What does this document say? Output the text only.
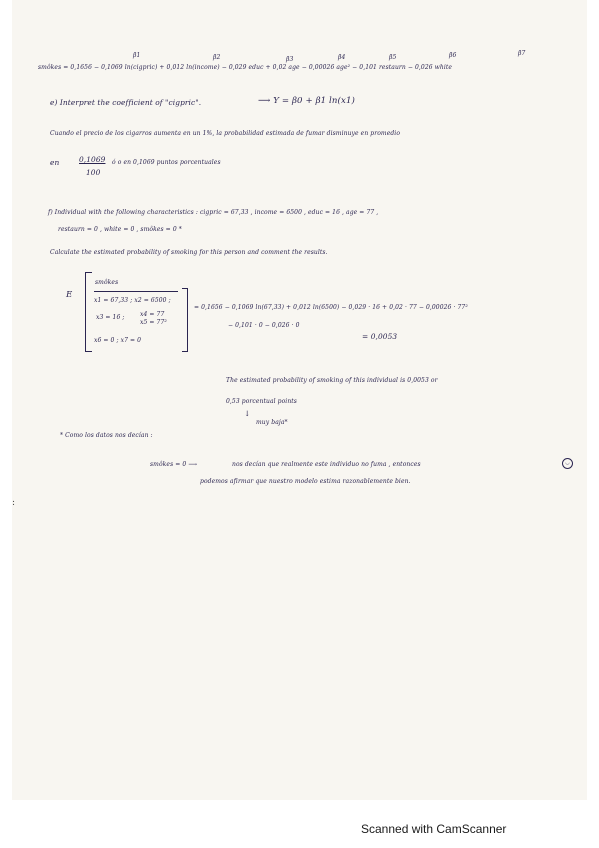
β1	β2	β3	β4	β5	β6	β7
smôkes = 0,1656 − 0,1069 ln(cigpric) + 0,012 ln(income) − 0,029 educ + 0,02 age − 0,00026 age² − 0,101 restaurn − 0,026 white
e) Interpret the coefficient of "cigpric".	⟶ Y = β0 + β1 ln(x1)
Cuando el precio de los cigarros aumenta en un 1%, la probabilidad estimada de fumar disminuye en promedio
en	0,1069
100
ó o en 0,1069 puntos porcentuales
f) Individual with the following characteristics : cigpric = 67,33 , income = 6500 , educ = 16 , age = 77 ,
restaurn = 0 , white = 0 , smôkes = 0 *
Calculate the estimated probability of smoking for this person and comment the results.
E
smôkes
x1 = 67,33 ; x2 = 6500 ;
x3 = 16 ;	x4 = 77
x5 = 77²
x6 = 0 ; x7 = 0
= 0,1656 − 0,1069 ln(67,33) + 0,012 ln(6500) − 0,029 · 16 + 0,02 · 77 − 0,00026 · 77²
− 0,101 · 0 − 0,026 · 0
= 0,0053
The estimated probability of smoking of this individual is 0,0053 or
0,53 porcentual points
↓
muy baja*
* Como los datos nos decían :
smôkes = 0 ⟶	nos decían que realmente este individuo no fuma , entonces	◡
podemos afirmar que nuestro modelo estima razonablemente bien.
:
Scanned with CamScanner
